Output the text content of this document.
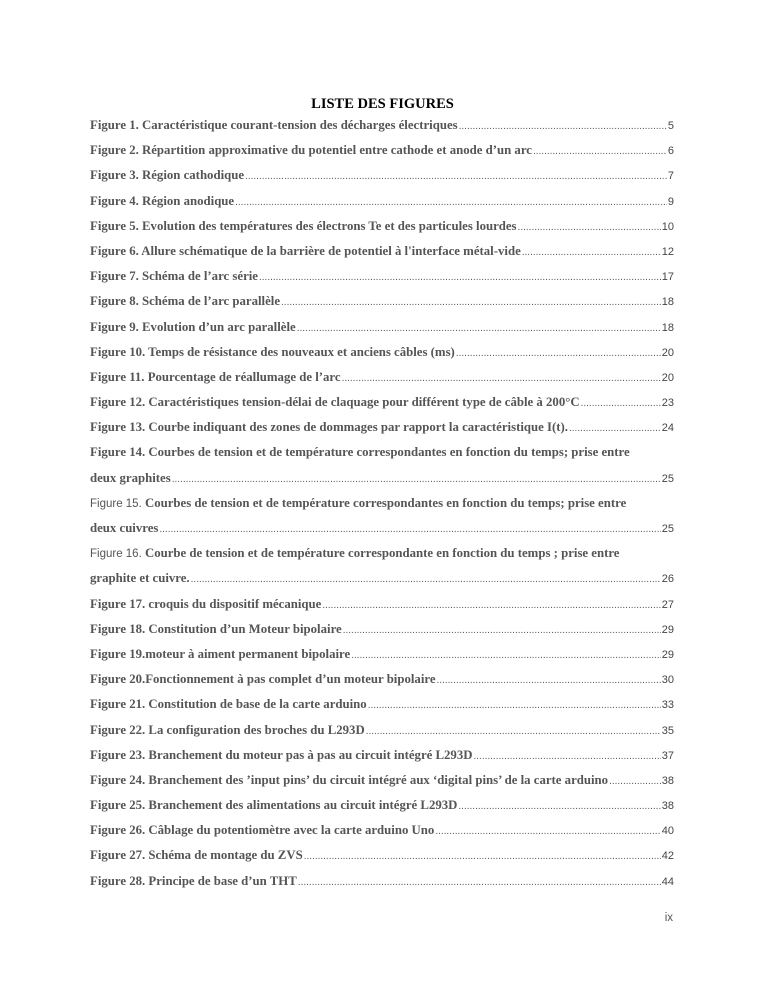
LISTE DES FIGURES
Figure 1. Caractéristique courant-tension des décharges électriques .....	5
Figure 2. Répartition approximative du potentiel entre cathode et anode d’un arc .....	6
Figure 3. Région cathodique .....	7
Figure 4. Région anodique .....	9
Figure 5. Evolution des températures des électrons Te et des particules lourdes .....	10
Figure 6. Allure schématique de la barrière de potentiel à l'interface métal-vide .....	12
Figure 7. Schéma de l’arc série .....	17
Figure 8. Schéma de l’arc parallèle .....	18
Figure 9. Evolution d’un arc parallèle .....	18
Figure 10. Temps de résistance des nouveaux et anciens câbles (ms) .....	20
Figure 11. Pourcentage de réallumage de l’arc .....	20
Figure 12. Caractéristiques tension-délai de claquage pour différent type de câble à 200°C .....	23
Figure 13. Courbe indiquant des zones de dommages par rapport la caractéristique I(t). .....	24
Figure 14. Courbes de tension et de température correspondantes en fonction du temps; prise entre
deux graphites .....	25
Figure 15. Courbes de tension et de température correspondantes en fonction du temps; prise entre
deux cuivres .....	25
Figure 16. Courbe de tension et de température correspondante en fonction du temps ; prise entre
graphite et cuivre. .....	26
Figure 17. croquis du dispositif mécanique .....	27
Figure 18. Constitution d’un Moteur bipolaire .....	29
Figure 19.moteur à aiment permanent bipolaire .....	29
Figure 20.Fonctionnement à pas complet d’un moteur bipolaire .....	30
Figure 21. Constitution de base de la carte arduino .....	33
Figure 22. La configuration des broches du L293D .....	35
Figure 23. Branchement du moteur pas à pas au circuit intégré L293D .....	37
Figure 24. Branchement des ’input pins’ du circuit intégré aux ‘digital pins’ de la carte arduino .....	38
Figure 25. Branchement des alimentations au circuit intégré L293D .....	38
Figure 26. Câblage du potentiomètre avec la carte arduino Uno .....	40
Figure 27. Schéma de montage du ZVS .....	42
Figure 28. Principe de base d’un THT .....	44
ix
